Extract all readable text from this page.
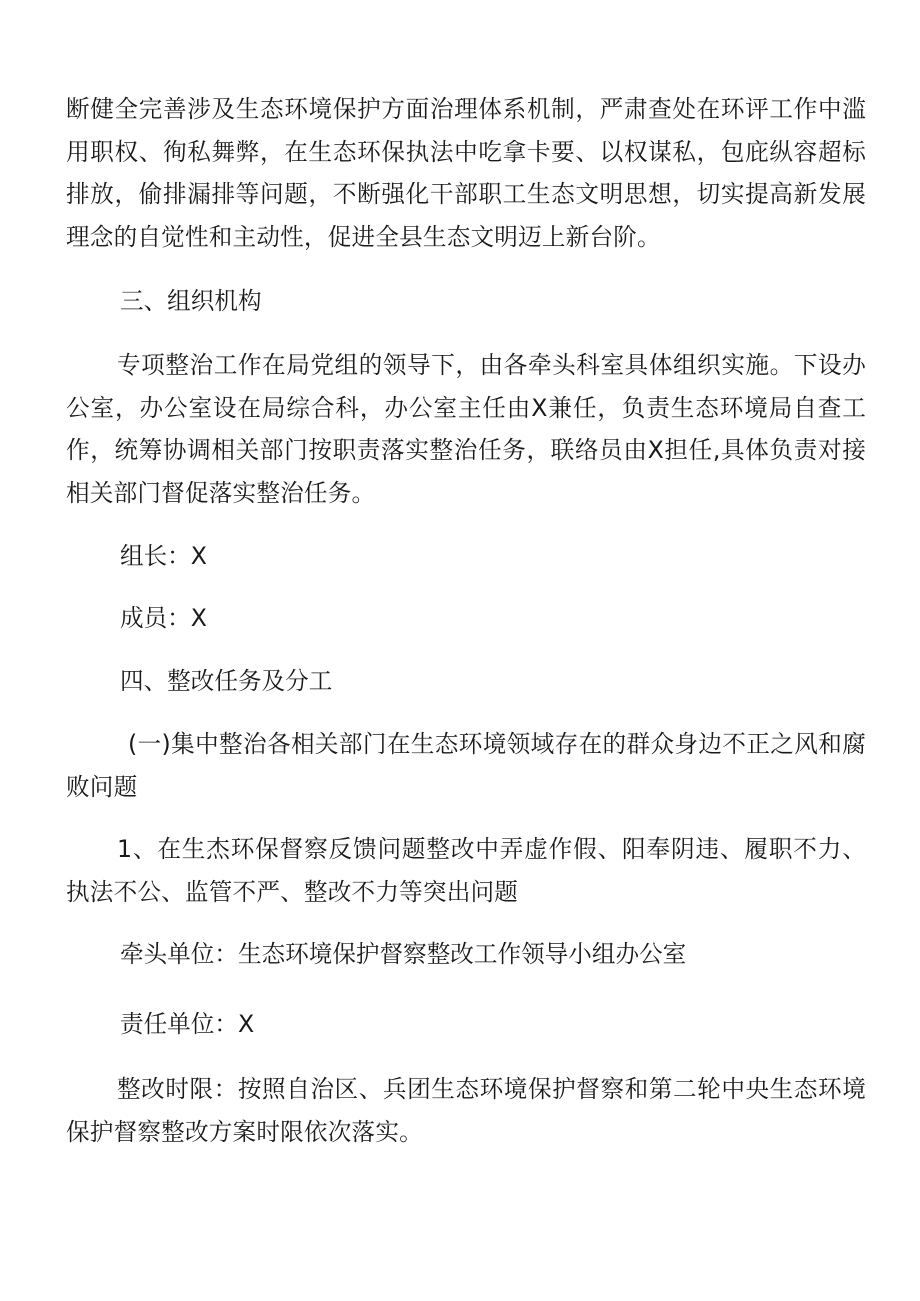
断健全完善涉及生态环境保护方面治理体系机制，严肃查处在环评工作中滥用职权、徇私舞弊，在生态环保执法中吃拿卡要、以权谋私，包庇纵容超标排放，偷排漏排等问题，不断强化干部职工生态文明思想，切实提高新发展理念的自觉性和主动性，促进全县生态文明迈上新台阶。

三、组织机构

专项整治工作在局党组的领导下，由各牵头科室具体组织实施。下设办公室，办公室设在局综合科，办公室主任由X兼任，负责生态环境局自查工作，统筹协调相关部门按职责落实整治任务，联络员由X担任,具体负责对接相关部门督促落实整治任务。

组长：X

成员：X

四、整改任务及分工

(一)集中整治各相关部门在生态环境领域存在的群众身边不正之风和腐败问题

1、在生杰环保督察反馈问题整改中弄虚作假、阳奉阴违、履职不力、执法不公、监管不严、整改不力等突出问题

牵头单位：生态环境保护督察整改工作领导小组办公室

责任单位：X

整改时限：按照自治区、兵团生态环境保护督察和第二轮中央生态环境保护督察整改方案时限依次落实。
